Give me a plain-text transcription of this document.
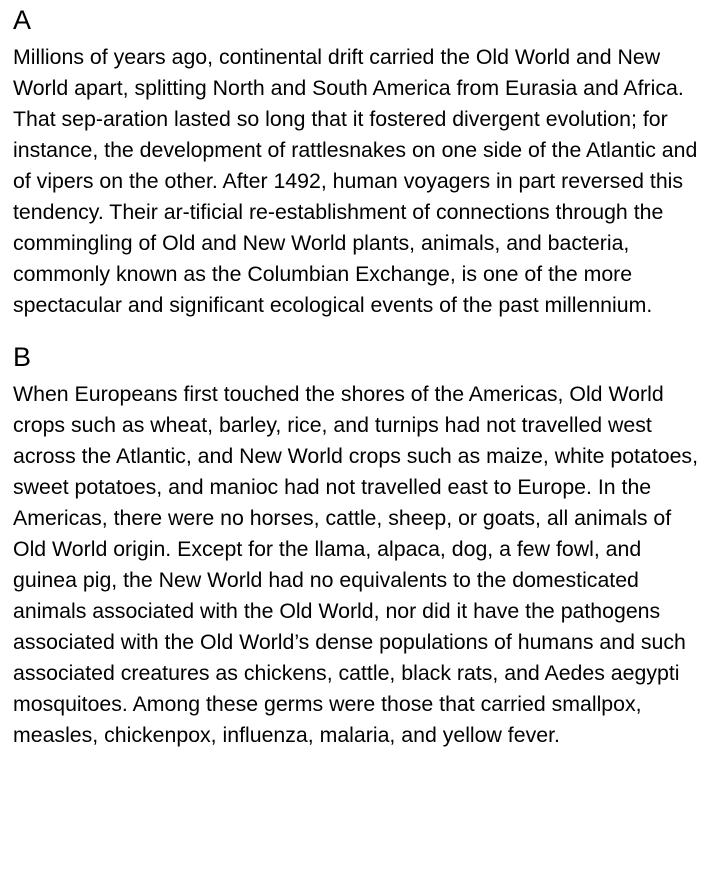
A

Millions of years ago, continental drift carried the Old World and New World apart, splitting North and South America from Eurasia and Africa. That sep-aration lasted so long that it fostered divergent evolution; for instance, the development of rattlesnakes on one side of the Atlantic and of vipers on the other. After 1492, human voyagers in part reversed this tendency. Their ar-tificial re-establishment of connections through the commingling of Old and New World plants, animals, and bacteria, commonly known as the Columbian Exchange, is one of the more spectacular and significant ecological events of the past millennium.

B

When Europeans first touched the shores of the Americas, Old World crops such as wheat, barley, rice, and turnips had not travelled west across the Atlantic, and New World crops such as maize, white potatoes, sweet potatoes, and manioc had not travelled east to Europe. In the Americas, there were no horses, cattle, sheep, or goats, all animals of Old World origin. Except for the llama, alpaca, dog, a few fowl, and guinea pig, the New World had no equivalents to the domesticated animals associated with the Old World, nor did it have the pathogens associated with the Old World’s dense populations of humans and such associated creatures as chickens, cattle, black rats, and Aedes aegypti mosquitoes. Among these germs were those that carried smallpox, measles, chickenpox, influenza, malaria, and yellow fever.
